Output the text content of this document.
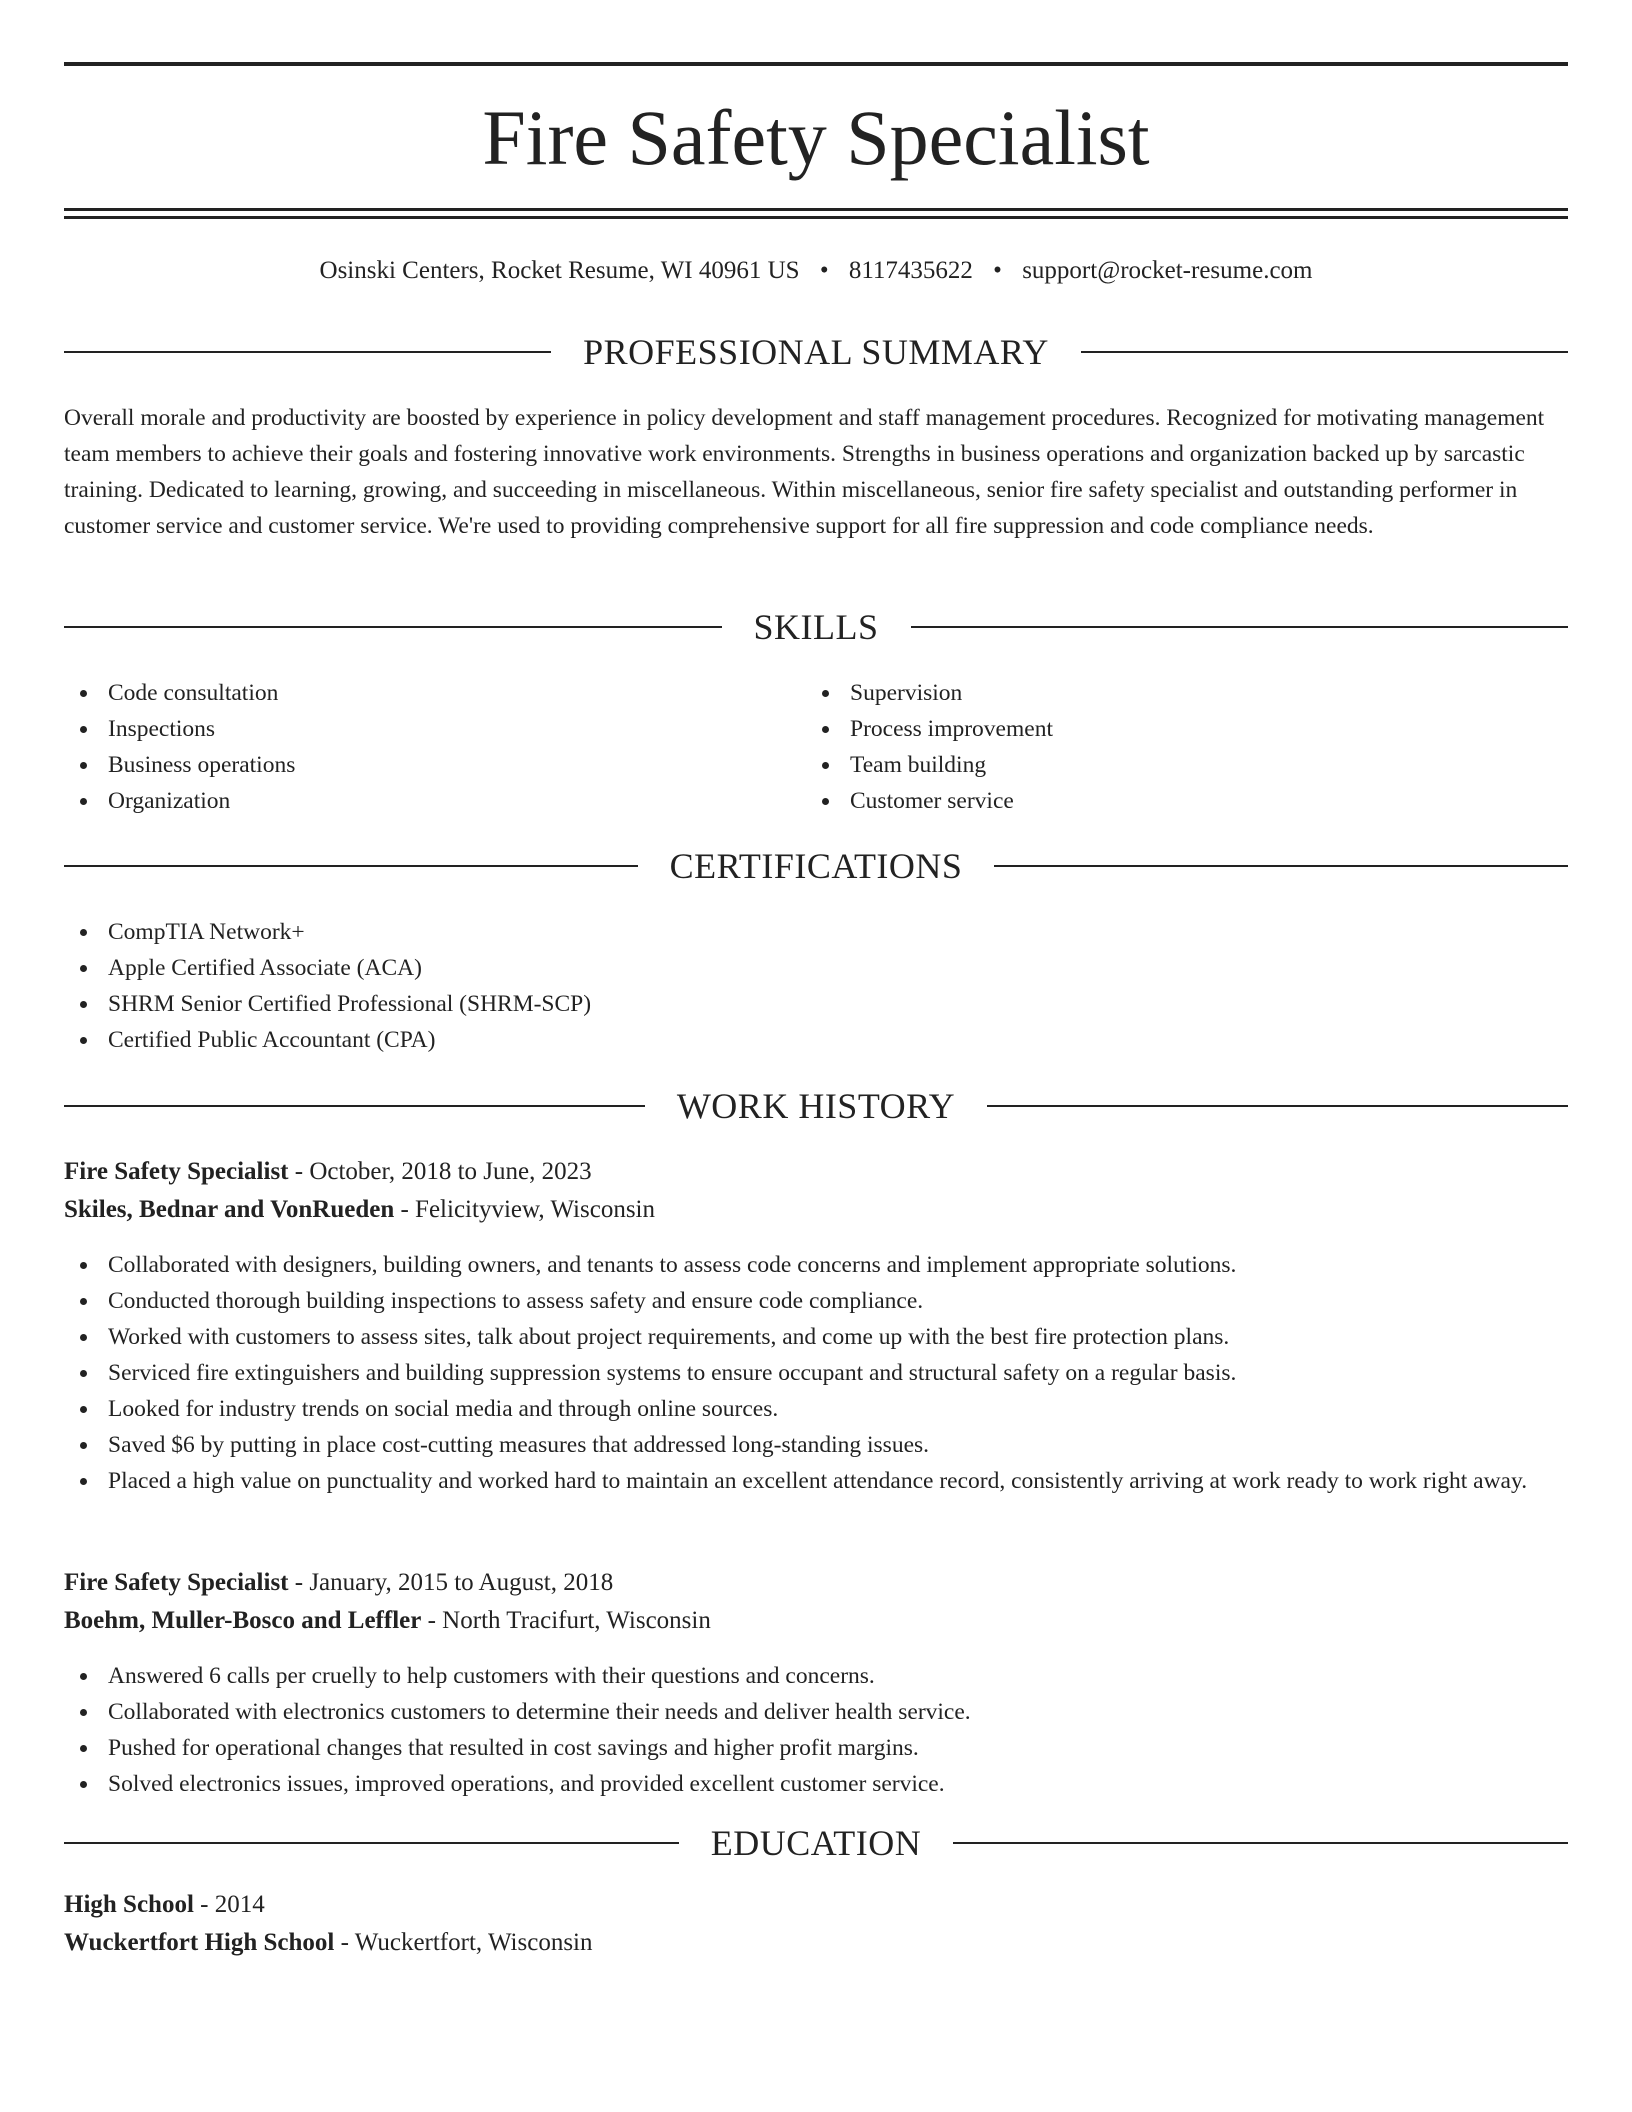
Fire Safety Specialist
Osinski Centers, Rocket Resume, WI 40961 US • 8117435622 • support@rocket-resume.com
PROFESSIONAL SUMMARY

Overall morale and productivity are boosted by experience in policy development and staff management procedures. Recognized for motivating management team members to achieve their goals and fostering innovative work environments. Strengths in business operations and organization backed up by sarcastic training. Dedicated to learning, growing, and succeeding in miscellaneous. Within miscellaneous, senior fire safety specialist and outstanding performer in customer service and customer service. We're used to providing comprehensive support for all fire suppression and code compliance needs.

SKILLS
Code consultation
Inspections
Business operations
Organization
Supervision
Process improvement
Team building
Customer service
CERTIFICATIONS
CompTIA Network+
Apple Certified Associate (ACA)
SHRM Senior Certified Professional (SHRM-SCP)
Certified Public Accountant (CPA)
WORK HISTORY
Fire Safety Specialist - October, 2018 to June, 2023
Skiles, Bednar and VonRueden - Felicityview, Wisconsin
Collaborated with designers, building owners, and tenants to assess code concerns and implement appropriate solutions.
Conducted thorough building inspections to assess safety and ensure code compliance.
Worked with customers to assess sites, talk about project requirements, and come up with the best fire protection plans.
Serviced fire extinguishers and building suppression systems to ensure occupant and structural safety on a regular basis.
Looked for industry trends on social media and through online sources.
Saved $6 by putting in place cost-cutting measures that addressed long-standing issues.
Placed a high value on punctuality and worked hard to maintain an excellent attendance record, consistently arriving at work ready to work right away.
Fire Safety Specialist - January, 2015 to August, 2018
Boehm, Muller-Bosco and Leffler - North Tracifurt, Wisconsin
Answered 6 calls per cruelly to help customers with their questions and concerns.
Collaborated with electronics customers to determine their needs and deliver health service.
Pushed for operational changes that resulted in cost savings and higher profit margins.
Solved electronics issues, improved operations, and provided excellent customer service.
EDUCATION
High School - 2014
Wuckertfort High School - Wuckertfort, Wisconsin
